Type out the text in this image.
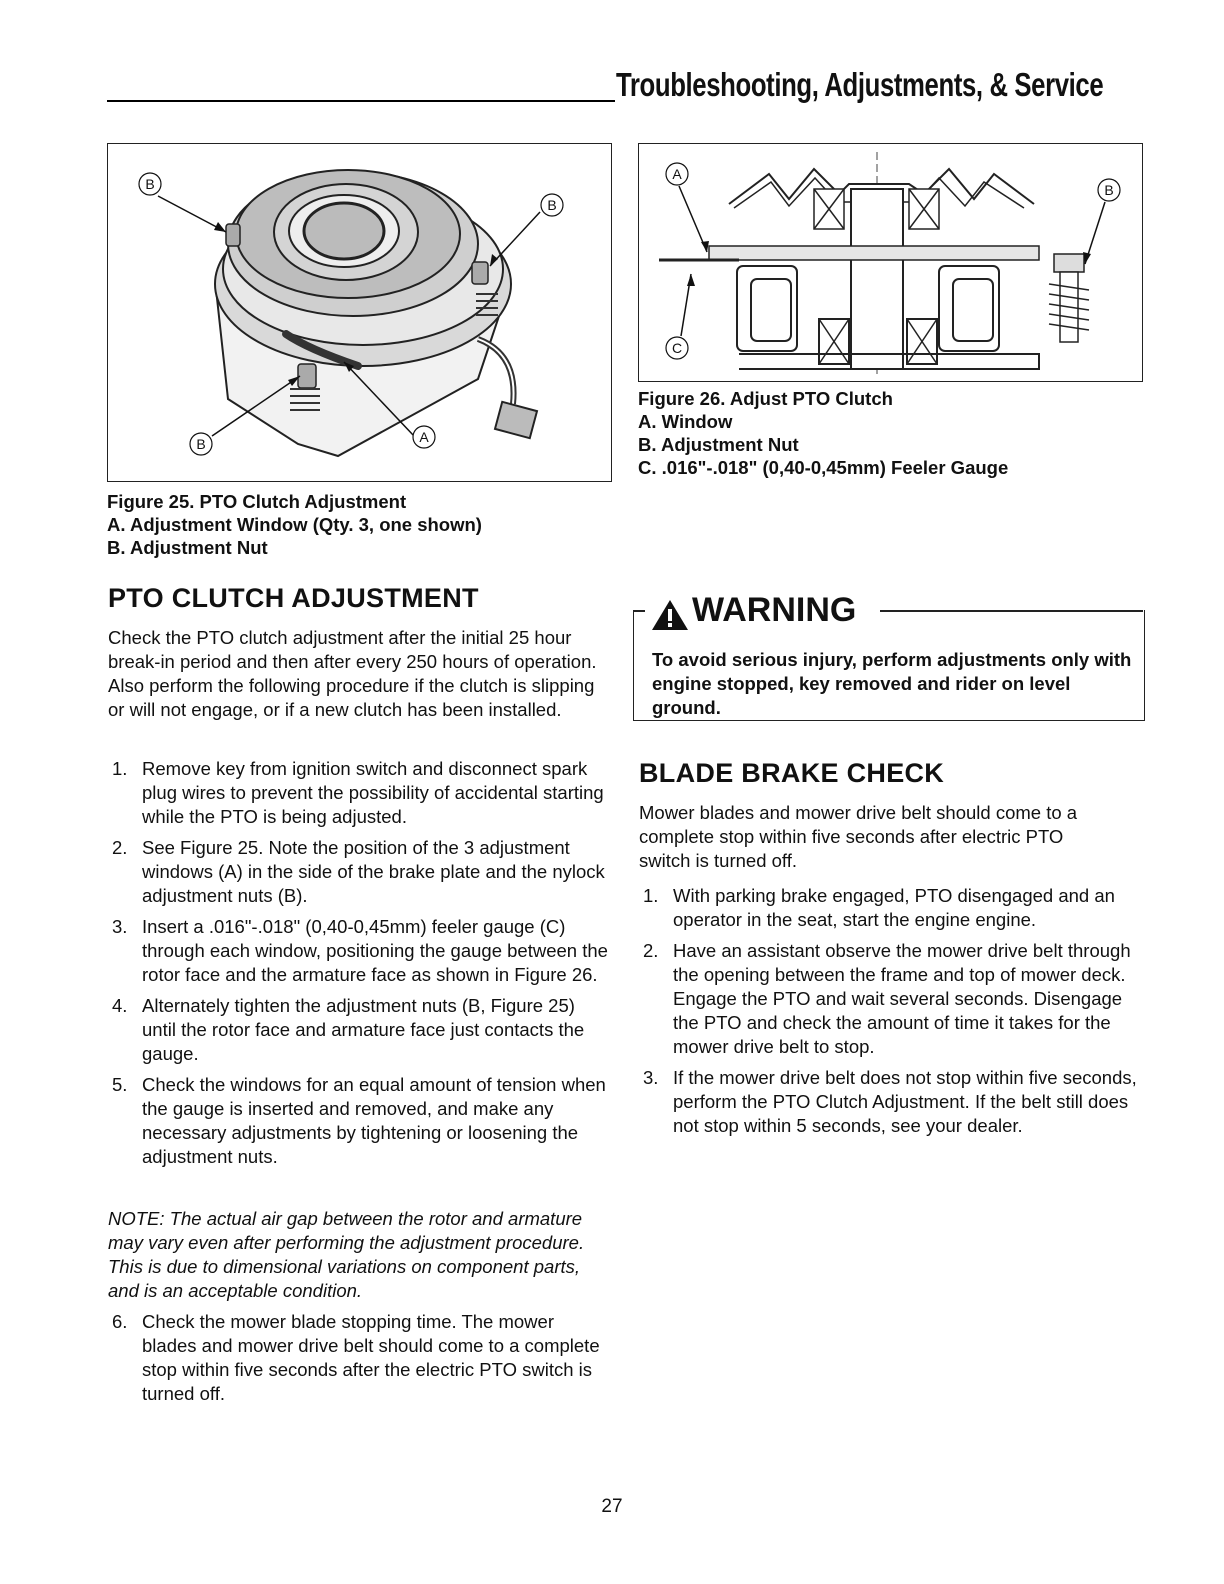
Troubleshooting, Adjustments, & Service
B
B
B	A
Figure 25. PTO Clutch Adjustment
A. Adjustment Window (Qty. 3, one shown)
B. Adjustment Nut
A
B
C
Figure 26. Adjust PTO Clutch
A. Window
B. Adjustment Nut
C. .016"-.018" (0,40-0,45mm) Feeler Gauge
PTO CLUTCH ADJUSTMENT
Check the PTO clutch adjustment after the initial 25 hour break-in period and then after every 250 hours of operation. Also perform the following procedure if the clutch is slipping or will not engage, or if a new clutch has been installed.
1. Remove key from ignition switch and disconnect spark plug wires to prevent the possibility of accidental starting while the PTO is being adjusted.
2. See Figure 25. Note the position of the 3 adjustment windows (A) in the side of the brake plate and the nylock adjustment nuts (B).
3. Insert a .016"-.018" (0,40-0,45mm) feeler gauge (C) through each window, positioning the gauge between the rotor face and the armature face as shown in Figure 26.
4. Alternately tighten the adjustment nuts (B, Figure 25) until the rotor face and armature face just contacts the gauge.
5. Check the windows for an equal amount of tension when the gauge is inserted and removed, and make any necessary adjustments by tightening or loosening the adjustment nuts.
NOTE: The actual air gap between the rotor and armature may vary even after performing the adjustment procedure. This is due to dimensional variations on component parts, and is an acceptable condition.
6. Check the mower blade stopping time. The mower blades and mower drive belt should come to a complete stop within five seconds after the electric PTO switch is turned off.
WARNING
To avoid serious injury, perform adjustments only with engine stopped, key removed and rider on level ground.
BLADE BRAKE CHECK
Mower blades and mower drive belt should come to a complete stop within five seconds after electric PTO switch is turned off.
1. With parking brake engaged, PTO disengaged and an operator in the seat, start the engine engine.
2. Have an assistant observe the mower drive belt through the opening between the frame and top of mower deck. Engage the PTO and wait several seconds. Disengage the PTO and check the amount of time it takes for the mower drive belt to stop.
3. If the mower drive belt does not stop within five seconds, perform the PTO Clutch Adjustment. If the belt still does not stop within 5 seconds, see your dealer.
27
